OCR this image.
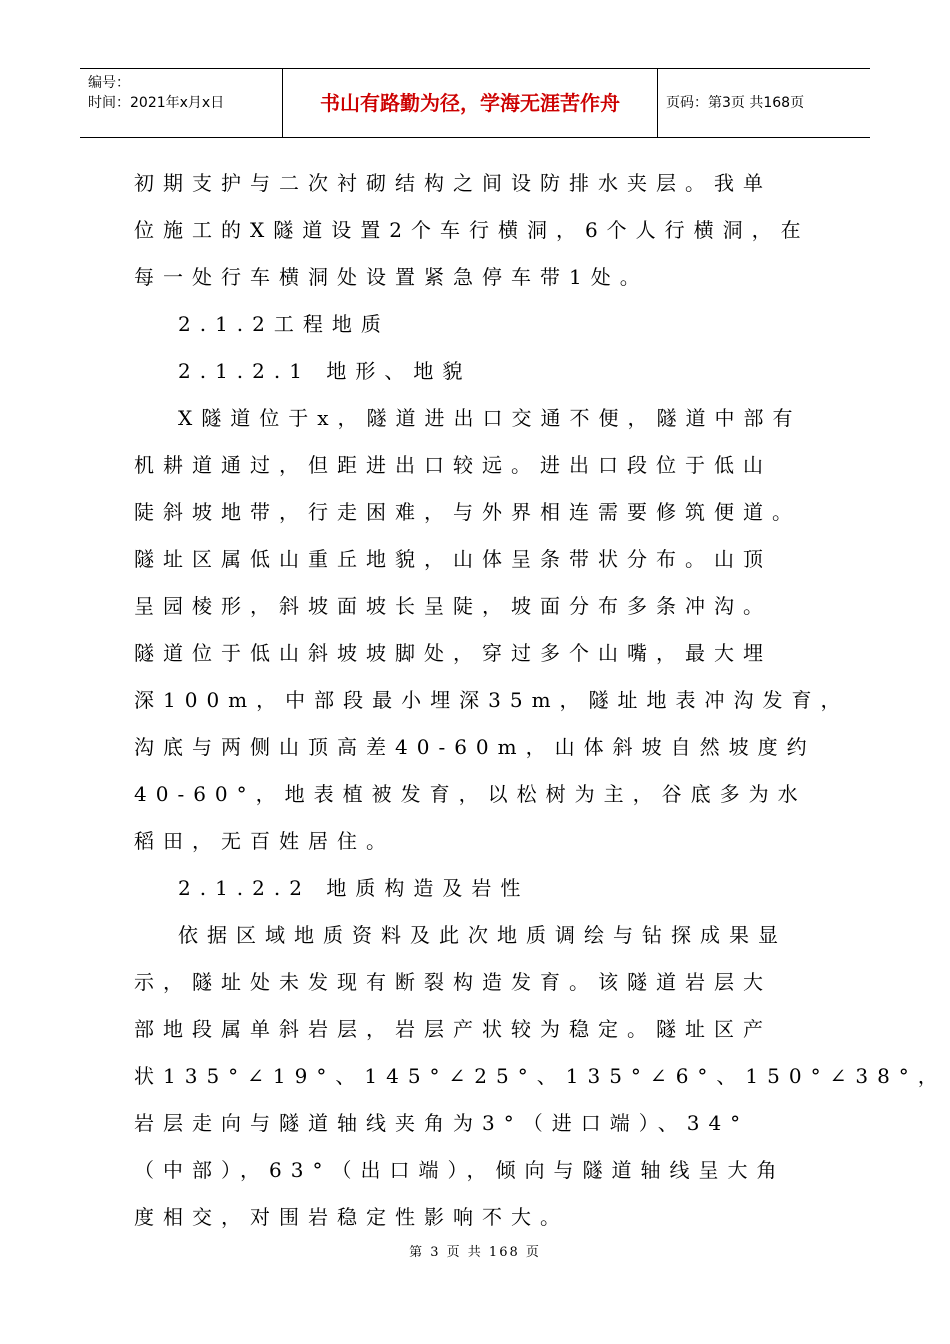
编号：
时间：2021年x月x日	书山有路勤为径，学海无涯苦作舟	页码：第3页 共168页
初期支护与二次衬砌结构之间设防排水夹层。我单
位施工的X隧道设置2个车行横洞，6个人行横洞，在
每一处行车横洞处设置紧急停车带1处。
2.1.2工程地质
2.1.2.1 地形、地貌
X隧道位于x，隧道进出口交通不便，隧道中部有
机耕道通过，但距进出口较远。进出口段位于低山
陡斜坡地带，行走困难，与外界相连需要修筑便道。
隧址区属低山重丘地貌，山体呈条带状分布。山顶
呈园棱形，斜坡面坡长呈陡，坡面分布多条冲沟。
隧道位于低山斜坡坡脚处，穿过多个山嘴，最大埋
深100m，中部段最小埋深35m，隧址地表冲沟发育，
沟底与两侧山顶高差40-60m，山体斜坡自然坡度约
40-60°，地表植被发育，以松树为主，谷底多为水
稻田，无百姓居住。
2.1.2.2 地质构造及岩性
依据区域地质资料及此次地质调绘与钻探成果显
示，隧址处未发现有断裂构造发育。该隧道岩层大
部地段属单斜岩层，岩层产状较为稳定。隧址区产
状135°∠19°、145°∠25°、135°∠6°、150°∠38°，
岩层走向与隧道轴线夹角为3°（进口端）、34°
（中部），63°（出口端），倾向与隧道轴线呈大角
度相交，对围岩稳定性影响不大。
第 3 页 共 168 页
